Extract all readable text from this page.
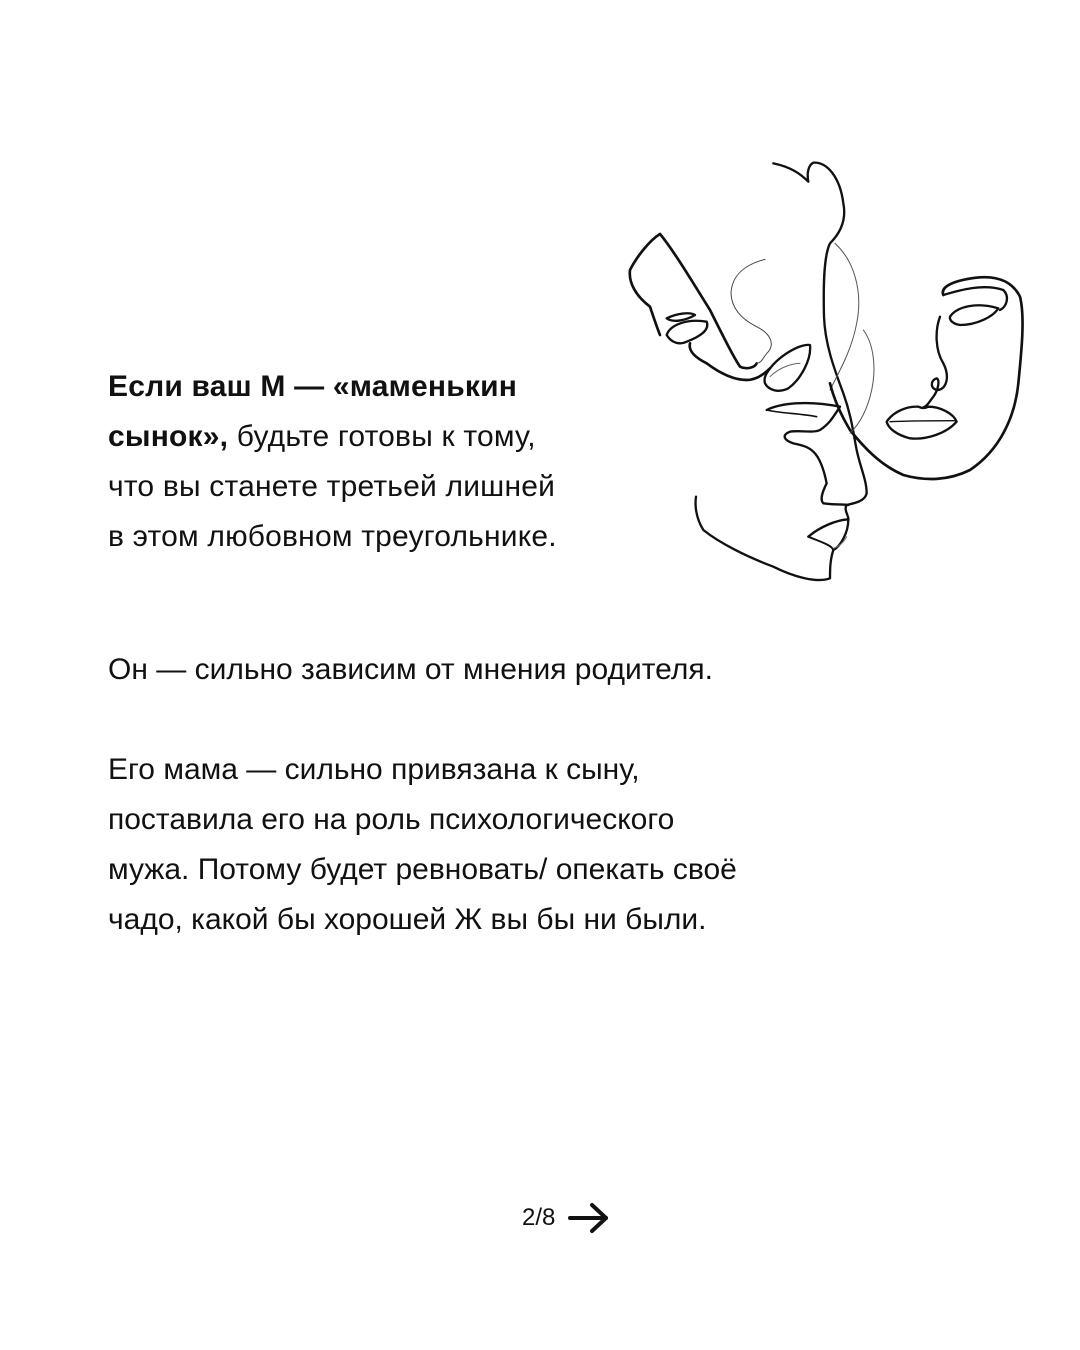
Если ваш М — «маменькин
сынок», будьте готовы к тому,
что вы станете третьей лишней
в этом любовном треугольнике.
Он — сильно зависим от мнения родителя.
Его мама — сильно привязана к сыну,
поставила его на роль психологического
мужа. Потому будет ревновать/ опекать своё
чадо, какой бы хорошей Ж вы бы ни были.
2/8
